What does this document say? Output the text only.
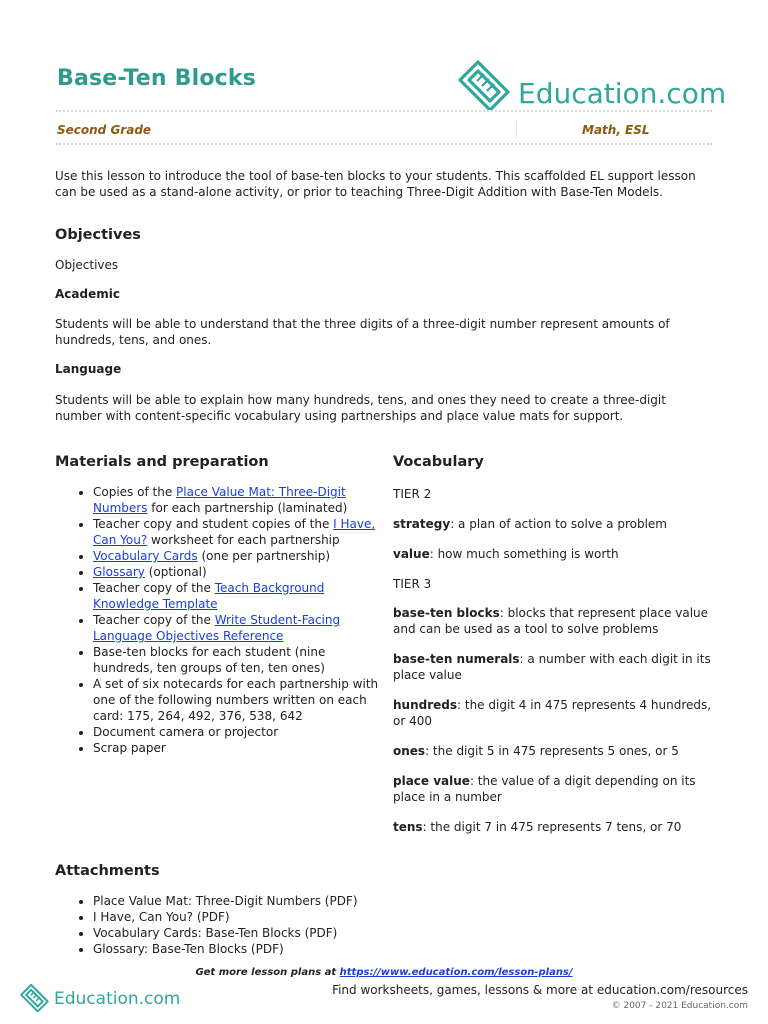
Base-Ten Blocks	Education.com
Second Grade	Math, ESL

Use this lesson to introduce the tool of base-ten blocks to your students. This scaffolded EL support lesson can be used as a stand-alone activity, or prior to teaching Three-Digit Addition with Base-Ten Models.

Objectives
Objectives
Academic

Students will be able to understand that the three digits of a three-digit number represent amounts of hundreds, tens, and ones.

Language

Students will be able to explain how many hundreds, tens, and ones they need to create a three-digit number with content-specific vocabulary using partnerships and place value mats for support.

Materials and preparation
• Copies of the Place Value Mat: Three-Digit Numbers for each partnership (laminated)
• Teacher copy and student copies of the I Have, Can You? worksheet for each partnership
• Vocabulary Cards (one per partnership)
• Glossary (optional)
• Teacher copy of the Teach Background Knowledge Template
• Teacher copy of the Write Student-Facing Language Objectives Reference
• Base-ten blocks for each student (nine hundreds, ten groups of ten, ten ones)
• A set of six notecards for each partnership with one of the following numbers written on each card: 175, 264, 492, 376, 538, 642
• Document camera or projector
• Scrap paper
Vocabulary
TIER 2
TIER 3

strategy: a plan of action to solve a problem

value: how much something is worth

base-ten blocks: blocks that represent place value and can be used as a tool to solve problems

base-ten numerals: a number with each digit in its place value

hundreds: the digit 4 in 475 represents 4 hundreds, or 400

ones: the digit 5 in 475 represents 5 ones, or 5

place value: the value of a digit depending on its place in a number

tens: the digit 7 in 475 represents 7 tens, or 70

Attachments
• Place Value Mat: Three-Digit Numbers (PDF)
• I Have, Can You? (PDF)
• Vocabulary Cards: Base-Ten Blocks (PDF)
• Glossary: Base-Ten Blocks (PDF)
Get more lesson plans at https://www.education.com/lesson-plans/
Education.com	Find worksheets, games, lessons & more at education.com/resources
© 2007 - 2021 Education.com
